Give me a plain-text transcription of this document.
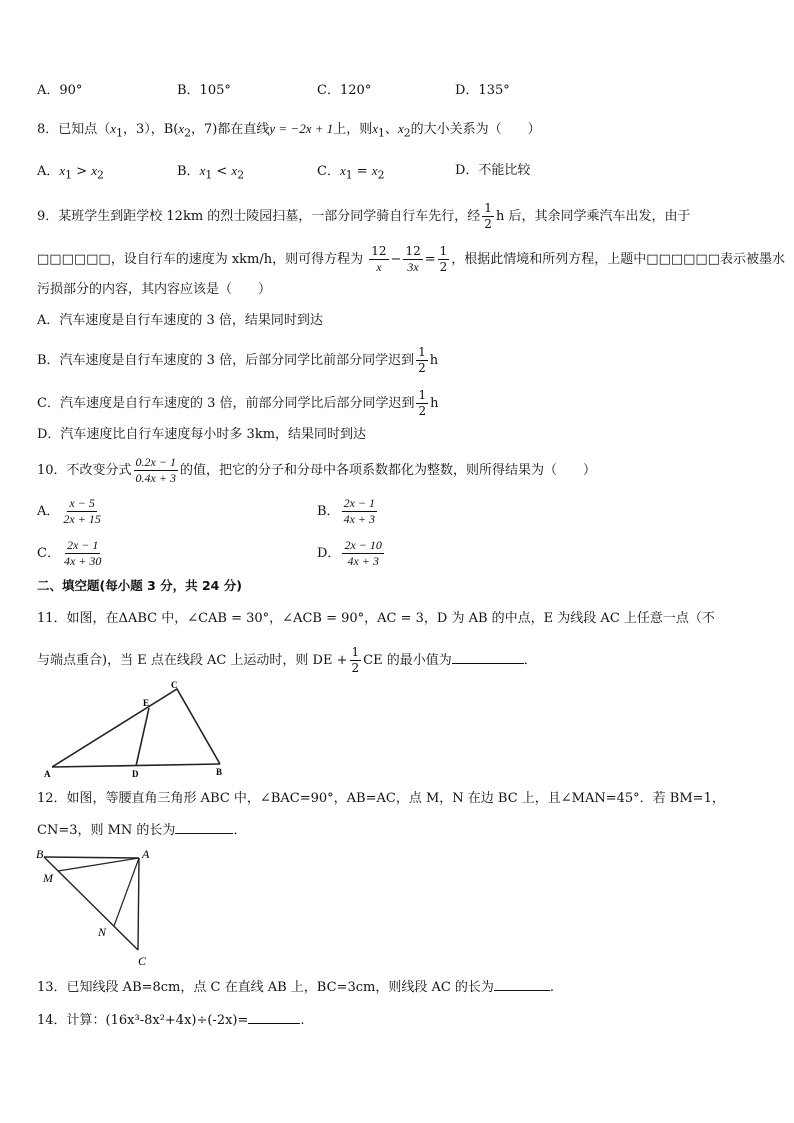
A．90°	B．105°	C．120°	D．135°
8．已知点（$x_1$，3），$B(x_2$，7)都在直线y = −2x + 1上，则$x_1$、$x_2$的大小关系为（　　）
A．$x_1 > x_2$	B．$x_1 < x_2$	C．$x_1 = x_2$	D．不能比较
9．某班学生到距学校 12km 的烈士陵园扫墓，一部分同学骑自行车先行，经 $\frac{1}{2}$ h 后，其余同学乘汽车出发，由于
□□□□□□，设自行车的速度为 xkm/h，则可得方程为 $\frac{12}{x} - \frac{12}{3x} = \frac{1}{2}$ ，根据此情境和所列方程，上题中□□□□□□表示被墨水
污损部分的内容，其内容应该是（　　）
A．汽车速度是自行车速度的 3 倍，结果同时到达
B．汽车速度是自行车速度的 3 倍，后部分同学比前部分同学迟到 $\frac{1}{2}$ h
C．汽车速度是自行车速度的 3 倍，前部分同学比后部分同学迟到 $\frac{1}{2}$ h
D．汽车速度比自行车速度每小时多 3km，结果同时到达
10．不改变分式 $\frac{0.2x - 1}{0.4x + 3}$ 的值，把它的分子和分母中各项系数都化为整数，则所得结果为（　　）
A． $\frac{x - 5}{2x + 15}$	B． $\frac{2x - 1}{4x + 3}$
C． $\frac{2x - 1}{4x + 30}$	D． $\frac{2x - 10}{4x + 3}$
二、填空题(每小题 3 分，共 24 分)
11．如图，在ΔABC 中，∠CAB = 30°，∠ACB = 90°，AC = 3，D 为 AB 的中点，E 为线段 AC 上任意一点（不
与端点重合)，当 E 点在线段 AC 上运动时，则 DE + $\frac{1}{2}$ CE 的最小值为	．
A	B
C
D
E
12．如图，等腰直角三角形 ABC 中，∠BAC=90°，AB=AC，点 M，N 在边 BC 上，且∠MAN=45°．若 BM=1，
CN=3，则 MN 的长为	．
B	A
M
N
C
13．已知线段 AB=8cm，点 C 在直线 AB 上，BC=3cm，则线段 AC 的长为	.
14．计算：(16x³-8x²+4x)÷(-2x)=	.
